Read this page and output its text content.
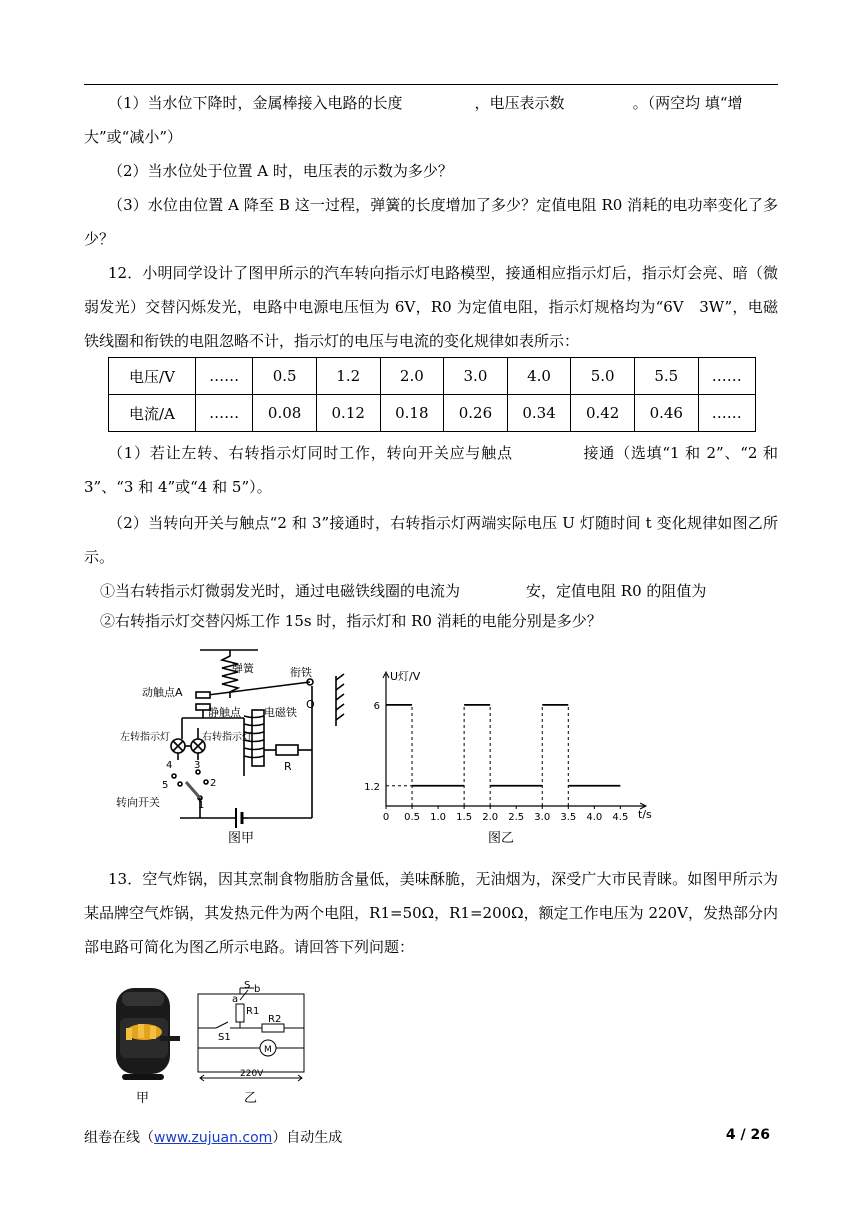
（1）当水位下降时，金属棒接入电路的长度	，电压表示数	。（两空均 填“增
大”或“减小”）
（2）当水位处于位置 A 时，电压表的示数为多少？
（3）水位由位置 A 降至 B 这一过程，弹簧的长度增加了多少？定值电阻 R0 消耗的电功率变化了多少？
12．小明同学设计了图甲所示的汽车转向指示灯电路模型，接通相应指示灯后，指示灯会亮、暗（微弱发光）交替闪烁发光，电路中电源电压恒为 6V，R0 为定值电阻，指示灯规格均为“6V　3W”，电磁铁线圈和衔铁的电阻忽略不计，指示灯的电压与电流的变化规律如表所示：
电压/V	……	0.5	1.2	2.0	3.0	4.0	5.0	5.5	……
电流/A	……	0.08	0.12	0.18	0.26	0.34	0.42	0.46	……
（1）若让左转、右转指示灯同时工作，转向开关应与触点	接通（选填“1 和 2”、“2 和 3”、“3 和 4”或“4 和 5”）。
（2）当转向开关与触点“2 和 3”接通时，右转指示灯两端实际电压 U 灯随时间 t 变化规律如图乙所示。
①当右转指示灯微弱发光时，通过电磁铁线圈的电流为	安，定值电阻 R0 的阻值为
②右转指示灯交替闪烁工作 15s 时，指示灯和 R0 消耗的电能分别是多少？
弹簧	衔铁
动触点A
静触点 电磁铁
左转指示灯	右转指示灯
R
O
4 3
5	2
1
转向开关
图甲
0 0.5 1.0 1.5 2.0 2.5 3.0 3.5 4.0 4.5
1.2
6
U灯/V
t/s
图乙
13．空气炸锅，因其烹制食物脂肪含量低，美味酥脆，无油烟为，深受广大市民青睐。如图甲所示为某品牌空气炸锅，其发热元件为两个电阻，R1=50Ω，R1=200Ω，额定工作电压为 220V，发热部分内部电路可简化为图乙所示电路。请回答下列问题：
S b
a
R1
R2
S1
M
220V
甲	乙
组卷在线（www.zujuan.com）自动生成	4 / 26
